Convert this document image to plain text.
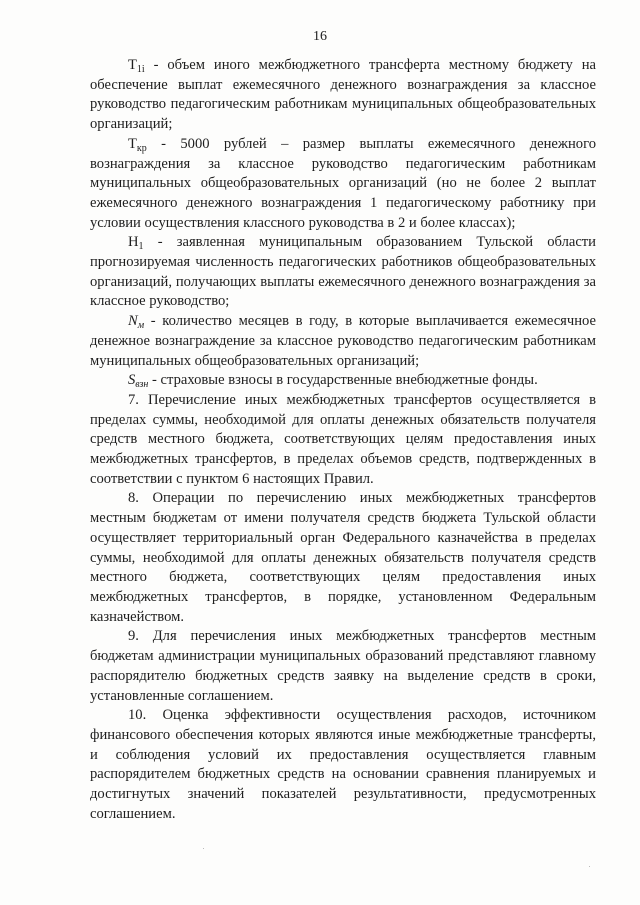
16

$T_{1i}$ - объем иного межбюджетного трансферта местному бюджету на обеспечение выплат ежемесячного денежного вознаграждения за классное руководство педагогическим работникам муниципальных общеобразовательных организаций;

$T_{кр} - 5000$ рублей – размер выплаты ежемесячного денежного вознаграждения за классное руководство педагогическим работникам муниципальных общеобразовательных организаций (но не более 2 выплат ежемесячного денежного вознаграждения 1 педагогическому работнику при условии осуществления классного руководства в 2 и более классах);

$H_1$ - заявленная муниципальным образованием Тульской области прогнозируемая численность педагогических работников общеобразовательных организаций, получающих выплаты ежемесячного денежного вознаграждения за классное руководство;

$N_м$ - количество месяцев в году, в которые выплачивается ежемесячное денежное вознаграждение за классное руководство педагогическим работникам муниципальных общеобразовательных организаций;

$S_{взн}$ - страховые взносы в государственные внебюджетные фонды.

7. Перечисление иных межбюджетных трансфертов осуществляется в пределах суммы, необходимой для оплаты денежных обязательств получателя средств местного бюджета, соответствующих целям предоставления иных межбюджетных трансфертов, в пределах объемов средств, подтвержденных в соответствии с пунктом 6 настоящих Правил.

8. Операции по перечислению иных межбюджетных трансфертов местным бюджетам от имени получателя средств бюджета Тульской области осуществляет территориальный орган Федерального казначейства в пределах суммы, необходимой для оплаты денежных обязательств получателя средств местного бюджета, соответствующих целям предоставления иных межбюджетных трансфертов, в порядке, установленном Федеральным казначейством.

9. Для перечисления иных межбюджетных трансфертов местным бюджетам администрации муниципальных образований представляют главному распорядителю бюджетных средств заявку на выделение средств в сроки, установленные соглашением.

10. Оценка эффективности осуществления расходов, источником финансового обеспечения которых являются иные межбюджетные трансферты, и соблюдения условий их предоставления осуществляется главным распорядителем бюджетных средств на основании сравнения планируемых и достигнутых значений показателей результативности, предусмотренных соглашением.
